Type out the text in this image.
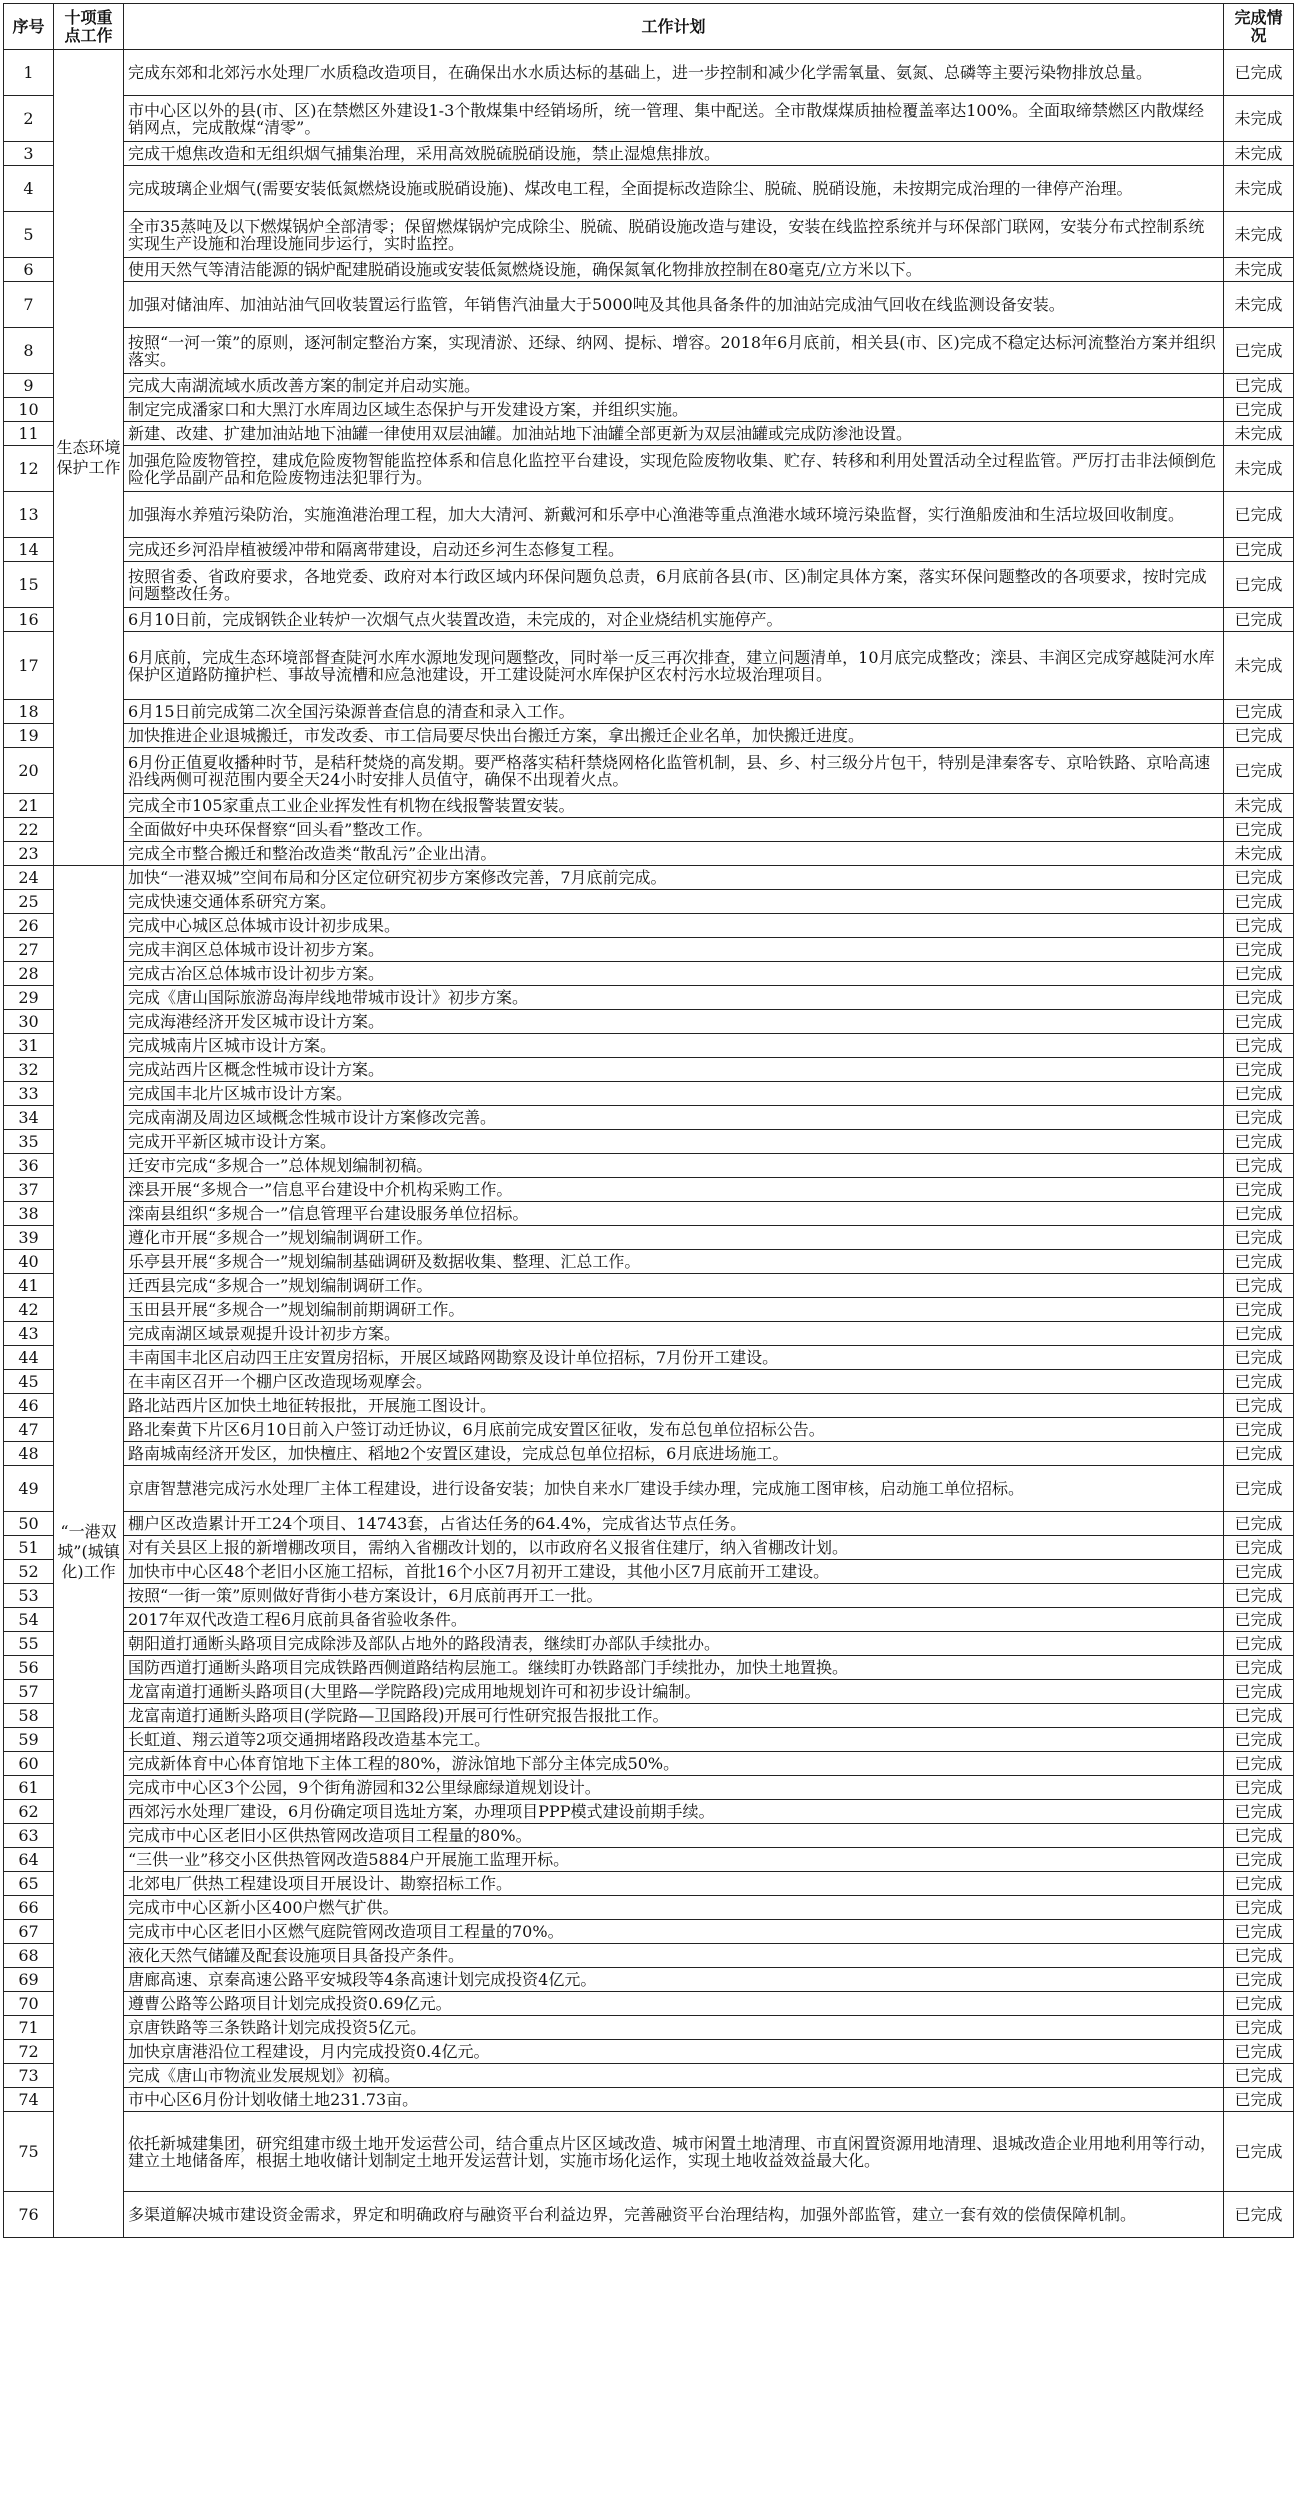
序号	十项重点工作	工作计划	完成情况
1	生态环境保护工作	完成东郊和北郊污水处理厂水质稳改造项目，在确保出水水质达标的基础上，进一步控制和减少化学需氧量、氨氮、总磷等主要污染物排放总量。	已完成
2		市中心区以外的县(市、区)在禁燃区外建设1-3个散煤集中经销场所，统一管理、集中配送。全市散煤煤质抽检覆盖率达100%。全面取缔禁燃区内散煤经销网点，完成散煤“清零”。	未完成
3		完成干熄焦改造和无组织烟气捕集治理，采用高效脱硫脱硝设施，禁止湿熄焦排放。	未完成
4		完成玻璃企业烟气(需要安装低氮燃烧设施或脱硝设施)、煤改电工程，全面提标改造除尘、脱硫、脱硝设施，未按期完成治理的一律停产治理。	未完成
5		全市35蒸吨及以下燃煤锅炉全部清零；保留燃煤锅炉完成除尘、脱硫、脱硝设施改造与建设，安装在线监控系统并与环保部门联网，安装分布式控制系统实现生产设施和治理设施同步运行，实时监控。	未完成
6		使用天然气等清洁能源的锅炉配建脱硝设施或安装低氮燃烧设施，确保氮氧化物排放控制在80毫克/立方米以下。	未完成
7		加强对储油库、加油站油气回收装置运行监管，年销售汽油量大于5000吨及其他具备条件的加油站完成油气回收在线监测设备安装。	未完成
8		按照“一河一策”的原则，逐河制定整治方案，实现清淤、还绿、纳网、提标、增容。2018年6月底前，相关县(市、区)完成不稳定达标河流整治方案并组织落实。	已完成
9		完成大南湖流域水质改善方案的制定并启动实施。	已完成
10		制定完成潘家口和大黑汀水库周边区域生态保护与开发建设方案，并组织实施。	已完成
11		新建、改建、扩建加油站地下油罐一律使用双层油罐。加油站地下油罐全部更新为双层油罐或完成防渗池设置。	未完成
12		加强危险废物管控，建成危险废物智能监控体系和信息化监控平台建设，实现危险废物收集、贮存、转移和利用处置活动全过程监管。严厉打击非法倾倒危险化学品副产品和危险废物违法犯罪行为。	未完成
13		加强海水养殖污染防治，实施渔港治理工程，加大大清河、新戴河和乐亭中心渔港等重点渔港水域环境污染监督，实行渔船废油和生活垃圾回收制度。	已完成
14		完成还乡河沿岸植被缓冲带和隔离带建设，启动还乡河生态修复工程。	已完成
15		按照省委、省政府要求，各地党委、政府对本行政区域内环保问题负总责，6月底前各县(市、区)制定具体方案，落实环保问题整改的各项要求，按时完成问题整改任务。	已完成
16		6月10日前，完成钢铁企业转炉一次烟气点火装置改造，未完成的，对企业烧结机实施停产。	已完成
17		6月底前，完成生态环境部督查陡河水库水源地发现问题整改，同时举一反三再次排查，建立问题清单，10月底完成整改；滦县、丰润区完成穿越陡河水库保护区道路防撞护栏、事故导流槽和应急池建设，开工建设陡河水库保护区农村污水垃圾治理项目。	未完成
18		6月15日前完成第二次全国污染源普查信息的清查和录入工作。	已完成
19		加快推进企业退城搬迁，市发改委、市工信局要尽快出台搬迁方案，拿出搬迁企业名单，加快搬迁进度。	已完成
20		6月份正值夏收播种时节，是秸秆焚烧的高发期。要严格落实秸秆禁烧网格化监管机制，县、乡、村三级分片包干，特别是津秦客专、京哈铁路、京哈高速沿线两侧可视范围内要全天24小时安排人员值守，确保不出现着火点。	已完成
21		完成全市105家重点工业企业挥发性有机物在线报警装置安装。	未完成
22		全面做好中央环保督察“回头看”整改工作。	已完成
23		完成全市整合搬迁和整治改造类“散乱污”企业出清。	未完成
24	“一港双城”(城镇化)工作	加快“一港双城”空间布局和分区定位研究初步方案修改完善，7月底前完成。	已完成
25		完成快速交通体系研究方案。	已完成
26		完成中心城区总体城市设计初步成果。	已完成
27		完成丰润区总体城市设计初步方案。	已完成
28		完成古冶区总体城市设计初步方案。	已完成
29		完成《唐山国际旅游岛海岸线地带城市设计》初步方案。	已完成
30		完成海港经济开发区城市设计方案。	已完成
31		完成城南片区城市设计方案。	已完成
32		完成站西片区概念性城市设计方案。	已完成
33		完成国丰北片区城市设计方案。	已完成
34		完成南湖及周边区域概念性城市设计方案修改完善。	已完成
35		完成开平新区城市设计方案。	已完成
36		迁安市完成“多规合一”总体规划编制初稿。	已完成
37		滦县开展“多规合一”信息平台建设中介机构采购工作。	已完成
38		滦南县组织“多规合一”信息管理平台建设服务单位招标。	已完成
39		遵化市开展“多规合一”规划编制调研工作。	已完成
40		乐亭县开展“多规合一”规划编制基础调研及数据收集、整理、汇总工作。	已完成
41		迁西县完成“多规合一”规划编制调研工作。	已完成
42		玉田县开展“多规合一”规划编制前期调研工作。	已完成
43		完成南湖区域景观提升设计初步方案。	已完成
44		丰南国丰北区启动四王庄安置房招标，开展区域路网勘察及设计单位招标，7月份开工建设。	已完成
45		在丰南区召开一个棚户区改造现场观摩会。	已完成
46		路北站西片区加快土地征转报批，开展施工图设计。	已完成
47		路北秦黄下片区6月10日前入户签订动迁协议，6月底前完成安置区征收，发布总包单位招标公告。	已完成
48		路南城南经济开发区，加快檀庄、稻地2个安置区建设，完成总包单位招标，6月底进场施工。	已完成
49		京唐智慧港完成污水处理厂主体工程建设，进行设备安装；加快自来水厂建设手续办理，完成施工图审核，启动施工单位招标。	已完成
50		棚户区改造累计开工24个项目、14743套，占省达任务的64.4%，完成省达节点任务。	已完成
51		对有关县区上报的新增棚改项目，需纳入省棚改计划的，以市政府名义报省住建厅，纳入省棚改计划。	已完成
52		加快市中心区48个老旧小区施工招标，首批16个小区7月初开工建设，其他小区7月底前开工建设。	已完成
53		按照“一街一策”原则做好背街小巷方案设计，6月底前再开工一批。	已完成
54		2017年双代改造工程6月底前具备省验收条件。	已完成
55		朝阳道打通断头路项目完成除涉及部队占地外的路段清表，继续盯办部队手续批办。	已完成
56		国防西道打通断头路项目完成铁路西侧道路结构层施工。继续盯办铁路部门手续批办，加快土地置换。	已完成
57		龙富南道打通断头路项目(大里路—学院路段)完成用地规划许可和初步设计编制。	已完成
58		龙富南道打通断头路项目(学院路—卫国路段)开展可行性研究报告报批工作。	已完成
59		长虹道、翔云道等2项交通拥堵路段改造基本完工。	已完成
60		完成新体育中心体育馆地下主体工程的80%，游泳馆地下部分主体完成50%。	已完成
61		完成市中心区3个公园，9个街角游园和32公里绿廊绿道规划设计。	已完成
62		西郊污水处理厂建设，6月份确定项目选址方案，办理项目PPP模式建设前期手续。	已完成
63		完成市中心区老旧小区供热管网改造项目工程量的80%。	已完成
64		“三供一业”移交小区供热管网改造5884户开展施工监理开标。	已完成
65		北郊电厂供热工程建设项目开展设计、勘察招标工作。	已完成
66		完成市中心区新小区400户燃气扩供。	已完成
67		完成市中心区老旧小区燃气庭院管网改造项目工程量的70%。	已完成
68		液化天然气储罐及配套设施项目具备投产条件。	已完成
69		唐廊高速、京秦高速公路平安城段等4条高速计划完成投资4亿元。	已完成
70		遵曹公路等公路项目计划完成投资0.69亿元。	已完成
71		京唐铁路等三条铁路计划完成投资5亿元。	已完成
72		加快京唐港沿位工程建设，月内完成投资0.4亿元。	已完成
73		完成《唐山市物流业发展规划》初稿。	已完成
74		市中心区6月份计划收储土地231.73亩。	已完成
75		依托新城建集团，研究组建市级土地开发运营公司，结合重点片区区域改造、城市闲置土地清理、市直闲置资源用地清理、退城改造企业用地利用等行动，建立土地储备库，根据土地收储计划制定土地开发运营计划，实施市场化运作，实现土地收益效益最大化。	已完成
76		多渠道解决城市建设资金需求，界定和明确政府与融资平台利益边界，完善融资平台治理结构，加强外部监管，建立一套有效的偿债保障机制。	已完成
